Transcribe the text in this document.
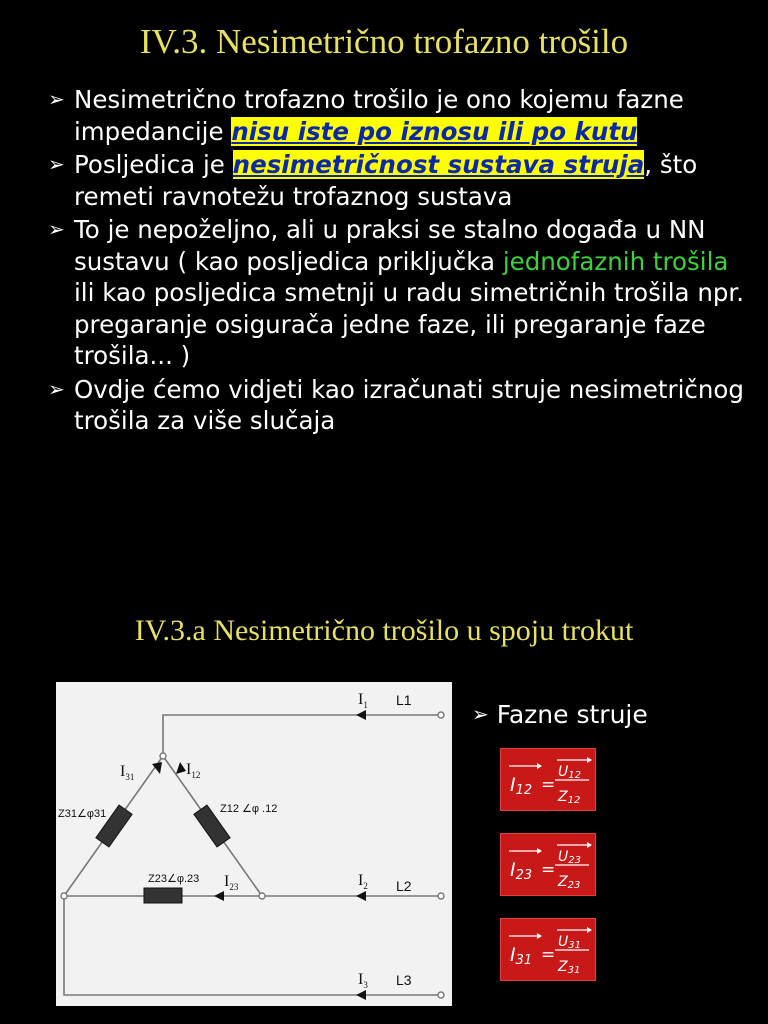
IV.3. Nesimetrično trofazno trošilo
➢ Nesimetrično trofazno trošilo je ono kojemu fazne impedancije nisu iste po iznosu ili po kutu
➢ Posljedica je nesimetričnost sustava struja, što remeti ravnotežu trofaznog sustava
➢ To je nepoželjno, ali u praksi se stalno događa u NN sustavu ( kao posljedica priključka jednofaznih trošila ili kao posljedica smetnji u radu simetričnih trošila npr. pregaranje osigurača jedne faze, ili pregaranje faze trošila... )
➢ Ovdje ćemo vidjeti kao izračunati struje nesimetričnog trošila za više slučaja
IV.3.a Nesimetrično trošilo u spoju trokut
$I_1$
$I_2$
$I_3$
$I_{31}$	$I_{12}$
$I_{23}$
L1
L2
L3
Z31∠φ31	Z12 ∠φ .12
Z23∠φ.23
➢ Fazne struje
I12 =
U12
Z12
I23 =
U23
Z23
I31 =
U31
Z31
